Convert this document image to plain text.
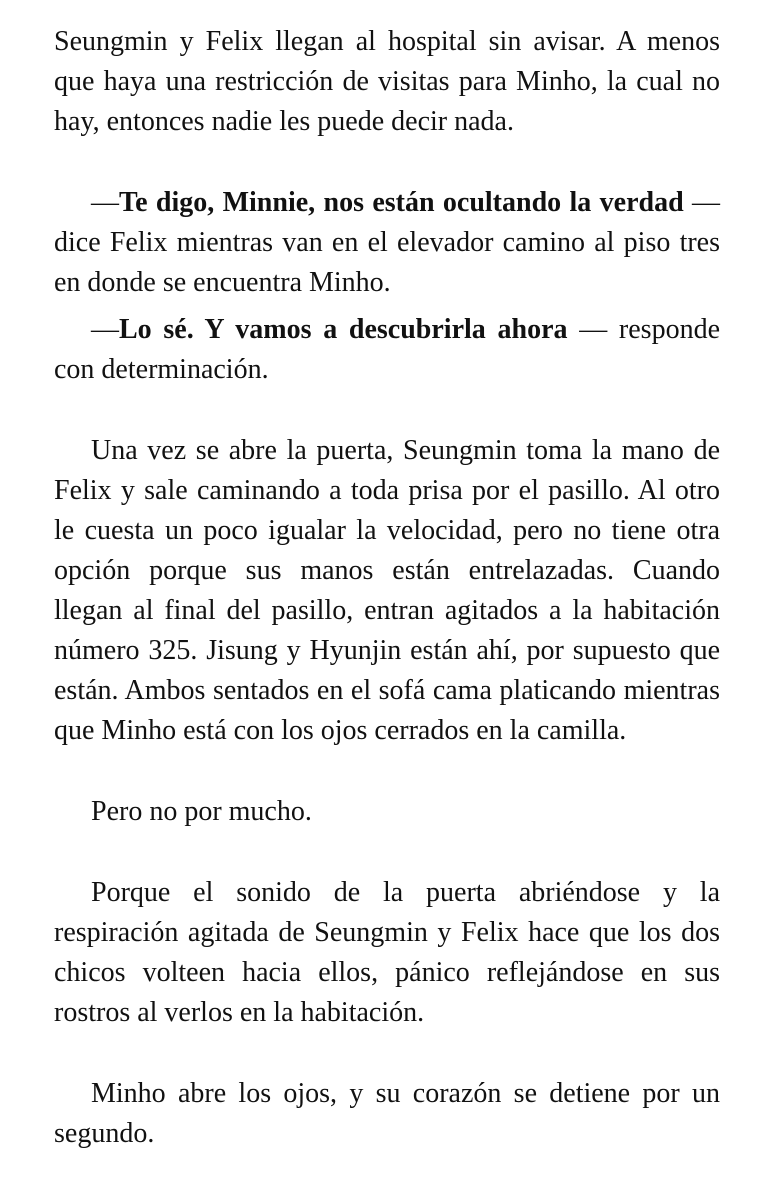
Seungmin y Felix llegan al hospital sin avisar. A menos que haya una restricción de visitas para Minho, la cual no hay, entonces nadie les puede decir nada.

—Te digo, Minnie, nos están ocultando la verdad —dice Felix mientras van en el elevador camino al piso tres en donde se encuentra Minho.

—Lo sé. Y vamos a descubrirla ahora — responde con determinación.

Una vez se abre la puerta, Seungmin toma la mano de Felix y sale caminando a toda prisa por el pasillo. Al otro le cuesta un poco igualar la velocidad, pero no tiene otra opción porque sus manos están entrelazadas. Cuando llegan al final del pasillo, entran agitados a la habitación número 325. Jisung y Hyunjin están ahí, por supuesto que están. Ambos sentados en el sofá cama platicando mientras que Minho está con los ojos cerrados en la camilla.

Pero no por mucho.

Porque el sonido de la puerta abriéndose y la respiración agitada de Seungmin y Felix hace que los dos chicos volteen hacia ellos, pánico reflejándose en sus rostros al verlos en la habitación.

Minho abre los ojos, y su corazón se detiene por un segundo.
